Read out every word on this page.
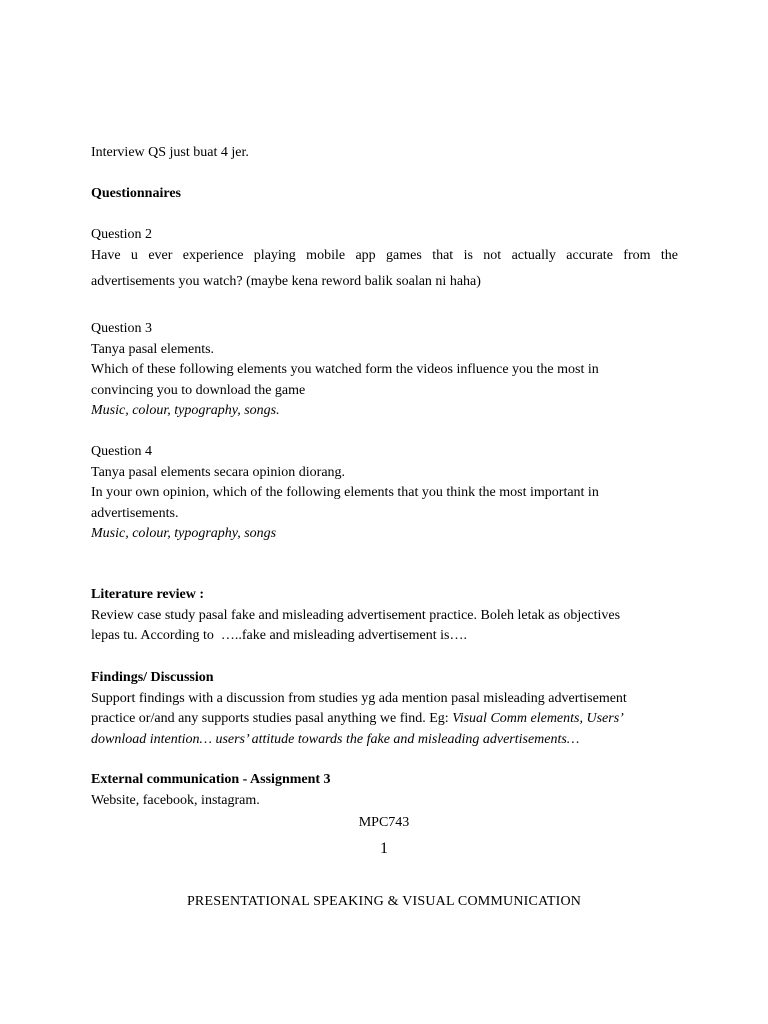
Interview QS just buat 4 jer.
Questionnaires
Question 2
Have u ever experience playing mobile app games that is not actually accurate from the
advertisements you watch? (maybe kena reword balik soalan ni haha)
Question 3
Tanya pasal elements.
Which of these following elements you watched form the videos influence you the most in
convincing you to download the game
Music, colour, typography, songs.
Question 4
Tanya pasal elements secara opinion diorang.
In your own opinion, which of the following elements that you think the most important in
advertisements.
Music, colour, typography, songs
Literature review :
Review case study pasal fake and misleading advertisement practice. Boleh letak as objectives
lepas tu. According to  …..fake and misleading advertisement is….
Findings/ Discussion
Support findings with a discussion from studies yg ada mention pasal misleading advertisement
practice or/and any supports studies pasal anything we find. Eg: Visual Comm elements, Users’
download intention… users’ attitude towards the fake and misleading advertisements…
External communication - Assignment 3
Website, facebook, instagram.
MPC743
1
PRESENTATIONAL SPEAKING & VISUAL COMMUNICATION
